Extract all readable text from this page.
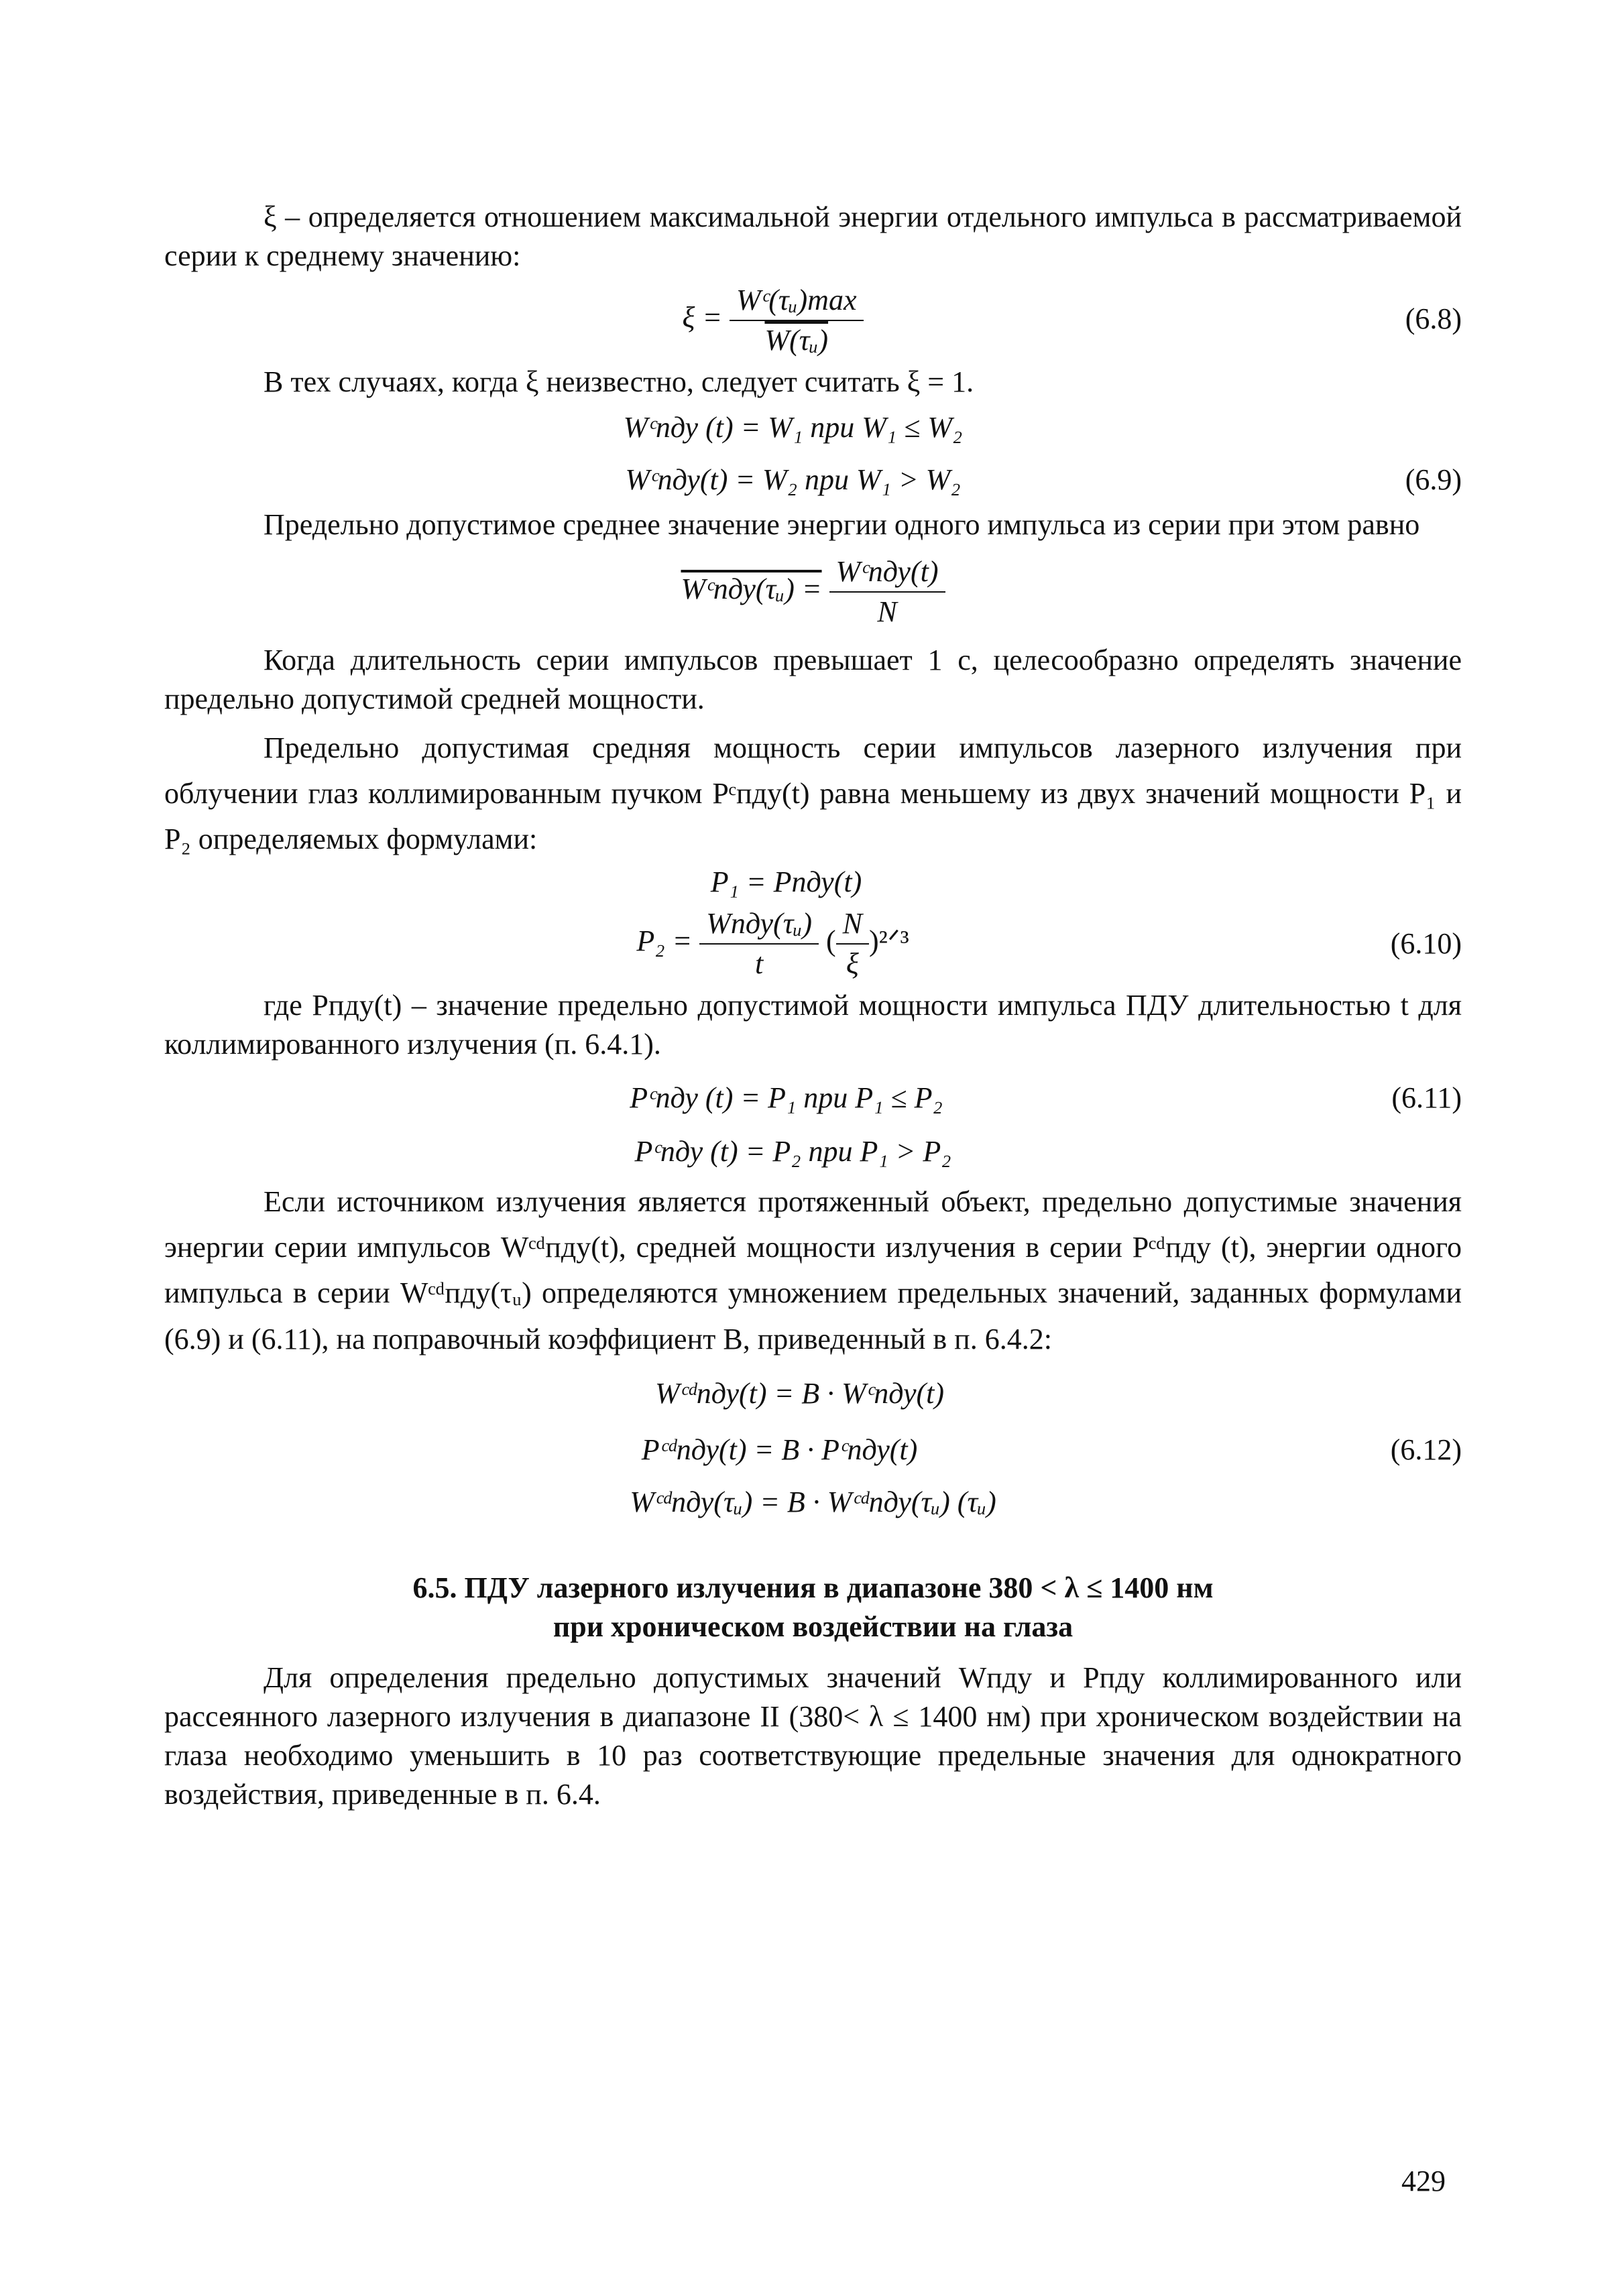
ξ – определяется отношением максимальной энергии отдельного импульса в рассматриваемой серии к среднему значению:

$\xi = \frac{\text{Wᶜ(τᵤ)max}}{\text{W(τᵤ)}}$	(6.8)

В тех случаях, когда ξ неизвестно, следует считать ξ = 1.

Wᶜпду (t) = W₁ при W₁ ≤ W₂
Wᶜпду(t) = W₂ при W₁ > W₂	(6.9)

Предельно допустимое среднее значение энергии одного импульса из серии при этом равно

Wᶜпду(τᵤ) = $\frac{\text{Wᶜпду(t)}}{N}$

Когда длительность серии импульсов превышает 1 с, целесообразно определять значение предельно допустимой средней мощности.

Предельно допустимая средняя мощность серии импульсов лазерного излучения при облучении глаз коллимированным пучком Pᶜпду(t) равна меньшему из двух значений мощности P₁ и P₂ определяемых формулами:

P₁ = Pпду(t)
$P_2 = \frac{\text{Wпду(τᵤ)}}{t}$ ( $\frac{N}{\xi}$ )²ᐟ³	(6.10)

где Pпду(t) – значение предельно допустимой мощности импульса ПДУ длительностью t для коллимированного излучения (п. 6.4.1).

Pᶜпду (t) = P₁ при P₁ ≤ P₂	(6.11)
Pᶜпду (t) = P₂ при P₁ > P₂

Если источником излучения является протяженный объект, предельно допустимые значения энергии серии импульсов Wᶜᵈпду(t), средней мощности излучения в серии Pᶜᵈпду (t), энергии одного импульса в серии Wᶜᵈпду(τᵤ) определяются умножением предельных значений, заданных формулами (6.9) и (6.11), на поправочный коэффициент B, приведенный в п. 6.4.2:

Wᶜᵈпду(t) = B · Wᶜпду(t)
Pᶜᵈпду(t) = B · Pᶜпду(t)	(6.12)
Wᶜᵈпду(τᵤ) = B · Wᶜᵈпду(τᵤ) (τᵤ)
6.5. ПДУ лазерного излучения в диапазоне 380 < λ ≤ 1400 нм
при хроническом воздействии на глаза

Для определения предельно допустимых значений Wпду и Pпду коллимированного или рассеянного лазерного излучения в диапазоне II (380< λ ≤ 1400 нм) при хроническом воздействии на глаза необходимо уменьшить в 10 раз соответствующие предельные значения для однократного воздействия, приведенные в п. 6.4.

429
